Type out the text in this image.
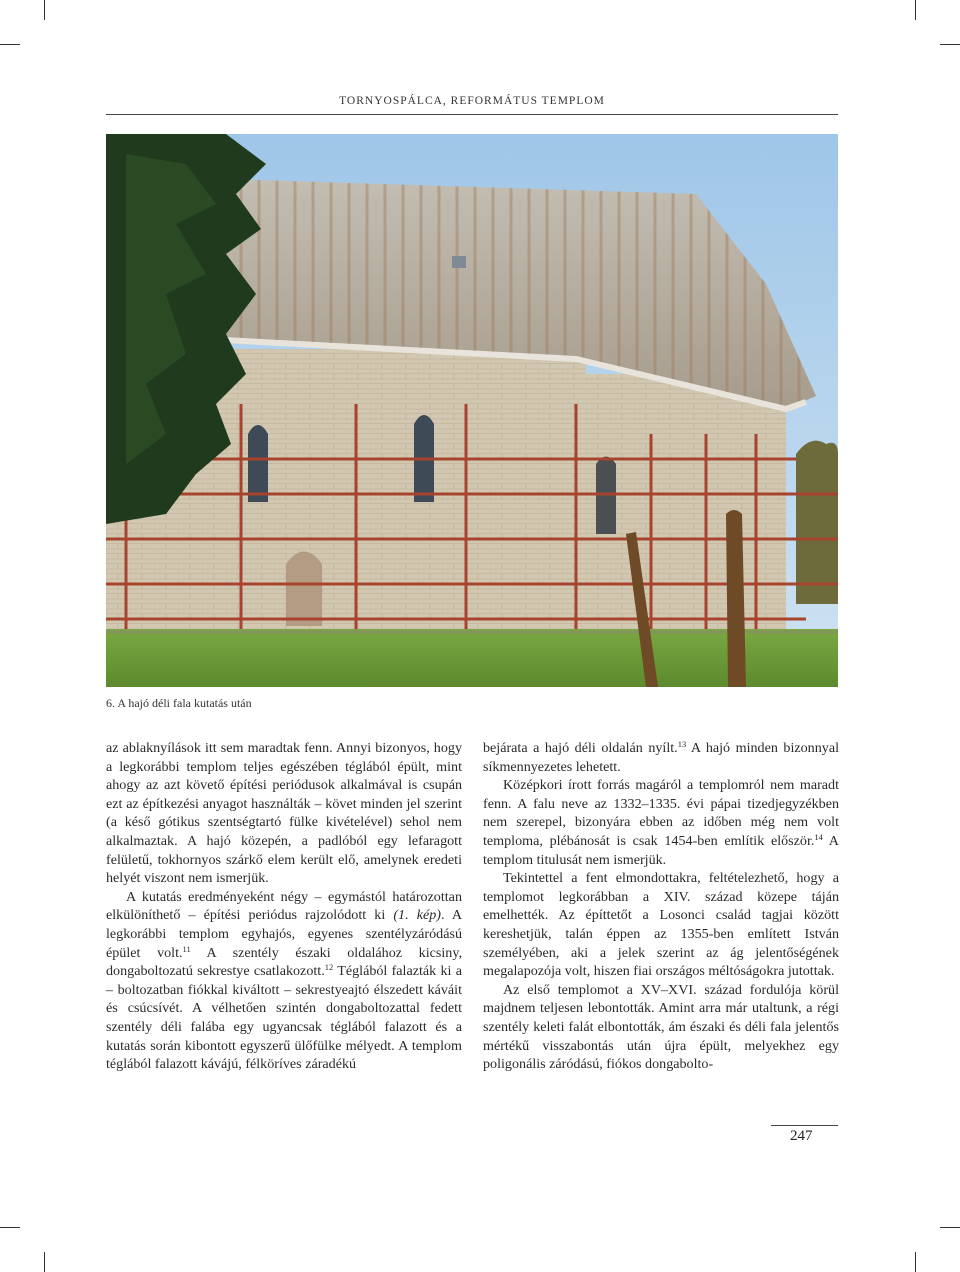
TORNYOSPÁLCA, REFORMÁTUS TEMPLOM
6. A hajó déli fala kutatás után

az ablaknyílások itt sem maradtak fenn. Annyi bizonyos, hogy a legkorábbi templom teljes egészében téglából épült, mint ahogy az azt követő építési periódusok alkalmával is csupán ezt az építkezési anyagot használták – követ minden jel szerint (a késő gótikus szentségtartó fülke kivételével) sehol nem alkalmaztak. A hajó közepén, a padlóból egy lefaragott felületű, tokhornyos szárkő elem került elő, amelynek eredeti helyét viszont nem ismerjük.

A kutatás eredményeként négy – egymástól határozottan elkülöníthető – építési periódus rajzolódott ki (1. kép). A legkorábbi templom egyhajós, egyenes szentélyzáródású épület volt.$^{11}$ A szentély északi oldalához kicsiny, dongaboltozatú sekrestye csatlakozott.$^{12}$ Téglából falazták ki a – boltozatban fiókkal kiváltott – sekrestyeajtó élszedett káváit és csúcsívét. A vélhetően szintén dongaboltozattal fedett szentély déli falába egy ugyancsak téglából falazott és a kutatás során kibontott egyszerű ülőfülke mélyedt. A templom téglából falazott kávájú, félköríves záradékú

bejárata a hajó déli oldalán nyílt.$^{13}$ A hajó minden bizonnyal síkmennyezetes lehetett.

Középkori írott forrás magáról a templomról nem maradt fenn. A falu neve az 1332–1335. évi pápai tizedjegyzékben nem szerepel, bizonyára ebben az időben még nem volt temploma, plébánosát is csak 1454-ben említik először.$^{14}$ A templom titulusát nem ismerjük.

Tekintettel a fent elmondottakra, feltételezhető, hogy a templomot legkorábban a XIV. század közepe táján emelhették. Az építtetőt a Losonci család tagjai között kereshetjük, talán éppen az 1355-ben említett István személyében, aki a jelek szerint az ág jelentőségének megalapozója volt, hiszen fiai országos méltóságokra jutottak.

Az első templomot a XV–XVI. század fordulója körül majdnem teljesen lebontották. Amint arra már utaltunk, a régi szentély keleti falát elbontották, ám északi és déli fala jelentős mértékű visszabontás után újra épült, melyekhez egy poligonális záródású, fiókos dongabolto-

247
